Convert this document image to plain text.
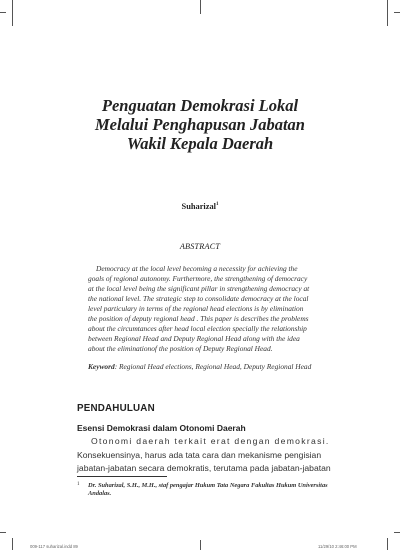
Penguatan Demokrasi Lokal
Melalui Penghapusan Jabatan
Wakil Kepala Daerah
Suharizal$^1$
ABSTRACT
Democracy at the local level becoming a necessity for achieving the
goals of regional autonomy. Furthermore, the strengthening of democracy
at the local level being the significant pillar in strengthening democracy at
the national level. The strategic step to consolidate democracy at the local
level particulary in terms of the regional head elections is by elimination
the position of deputy regional head . This paper is describes the problems
about the circumtances after head local election specially the relationship
between Regional Head and Deputy Regional Head along with the idea
about the eliminationof the position of Deputy Regional Head.
Keyword: Regional Head elections, Regional Head, Deputy Regional Head
PENDAHULUAN
Esensi Demokrasi dalam Otonomi Daerah
Otonomi daerah terkait erat dengan demokrasi.
Konsekuensinya, harus ada tata cara dan mekanisme pengisian
jabatan-jabatan secara demokratis, terutama pada jabatan-jabatan
1 Dr. Suharizal, S.H., M.H., staf pengajar Hukum Tata Negara Fakultas Hukum Universitas Andalas.
009-117 suharizal.indd 89	11/29/10 2:46:00 PM
